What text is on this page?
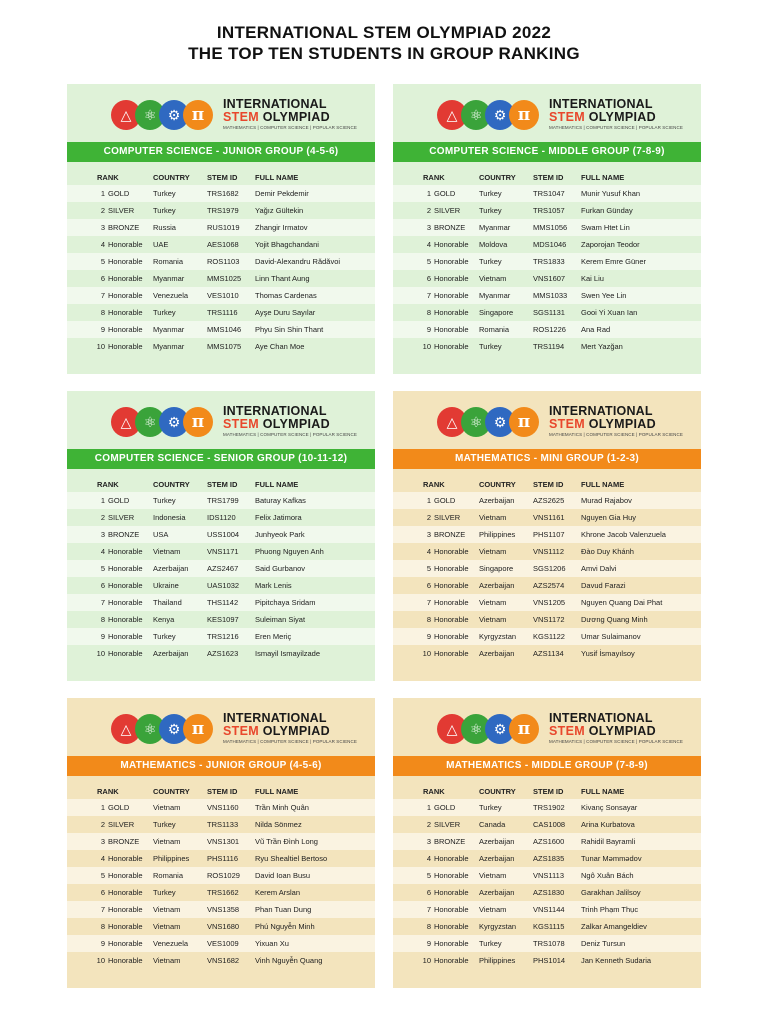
INTERNATIONAL STEM OLYMPIAD 2022
THE TOP TEN STUDENTS IN GROUP RANKING
△ ⚛ ⚙ π
INTERNATIONAL
STEM OLYMPIAD
MATHEMATICS | COMPUTER SCIENCE | POPULAR SCIENCE
COMPUTER SCIENCE - JUNIOR GROUP (4-5-6)
RANK	COUNTRY	STEM ID	FULL NAME
1 GOLD	Turkey	TRS1682	Demir Pekdemir
2 SILVER	Turkey	TRS1979	Yağız Gültekin
3 BRONZE	Russia	RUS1019	Zhangir Irmatov
4 Honorable	UAE	AES1068	Yojit Bhagchandani
5 Honorable	Romania	ROS1103	David-Alexandru Rădăvoi
6 Honorable	Myanmar	MMS1025	Linn Thant Aung
7 Honorable	Venezuela	VES1010	Thomas Cardenas
8 Honorable	Turkey	TRS1116	Ayşe Duru Sayılar
9 Honorable	Myanmar	MMS1046	Phyu Sin Shin Thant
10 Honorable	Myanmar	MMS1075	Aye Chan Moe
△ ⚛ ⚙ π
INTERNATIONAL
STEM OLYMPIAD
MATHEMATICS | COMPUTER SCIENCE | POPULAR SCIENCE
COMPUTER SCIENCE - MIDDLE GROUP (7-8-9)
RANK	COUNTRY	STEM ID	FULL NAME
1 GOLD	Turkey	TRS1047	Munir Yusuf Khan
2 SILVER	Turkey	TRS1057	Furkan Günday
3 BRONZE	Myanmar	MMS1056	Swam Htet Lin
4 Honorable	Moldova	MDS1046	Zaporojan Teodor
5 Honorable	Turkey	TRS1833	Kerem Emre Güner
6 Honorable	Vietnam	VNS1607	Kai Liu
7 Honorable	Myanmar	MMS1033	Swen Yee Lin
8 Honorable	Singapore	SGS1131	Gooi Yi Xuan Ian
9 Honorable	Romania	ROS1226	Ana Rad
10 Honorable	Turkey	TRS1194	Mert Yazğan
△ ⚛ ⚙ π
INTERNATIONAL
STEM OLYMPIAD
MATHEMATICS | COMPUTER SCIENCE | POPULAR SCIENCE
COMPUTER SCIENCE - SENIOR GROUP (10-11-12)
RANK	COUNTRY	STEM ID	FULL NAME
1 GOLD	Turkey	TRS1799	Baturay Kafkas
2 SILVER	Indonesia	IDS1120	Felix Jatimora
3 BRONZE	USA	USS1004	Junhyeok Park
4 Honorable	Vietnam	VNS1171	Phuong Nguyen Anh
5 Honorable	Azerbaijan	AZS2467	Said Gurbanov
6 Honorable	Ukraine	UAS1032	Mark Lenis
7 Honorable	Thailand	THS1142	Pipitchaya Sridam
8 Honorable	Kenya	KES1097	Suleiman Siyat
9 Honorable	Turkey	TRS1216	Eren Meriç
10 Honorable	Azerbaijan	AZS1623	Ismayil Ismayilzade
△ ⚛ ⚙ π
INTERNATIONAL
STEM OLYMPIAD
MATHEMATICS | COMPUTER SCIENCE | POPULAR SCIENCE
MATHEMATICS - MINI GROUP (1-2-3)
RANK	COUNTRY	STEM ID	FULL NAME
1 GOLD	Azerbaijan	AZS2625	Murad Rajabov
2 SILVER	Vietnam	VNS1161	Nguyen Gia Huy
3 BRONZE	Philippines	PHS1107	Khrone Jacob Valenzuela
4 Honorable	Vietnam	VNS1112	Đào Duy Khánh
5 Honorable	Singapore	SGS1206	Amvi Dalvi
6 Honorable	Azerbaijan	AZS2574	Davud Farazi
7 Honorable	Vietnam	VNS1205	Nguyen Quang Dai Phat
8 Honorable	Vietnam	VNS1172	Dương Quang Minh
9 Honorable	Kyrgyzstan	KGS1122	Umar Sulaimanov
10 Honorable	Azerbaijan	AZS1134	Yusif İsmayılsoy
△ ⚛ ⚙ π
INTERNATIONAL
STEM OLYMPIAD
MATHEMATICS | COMPUTER SCIENCE | POPULAR SCIENCE
MATHEMATICS - JUNIOR GROUP (4-5-6)
RANK	COUNTRY	STEM ID	FULL NAME
1 GOLD	Vietnam	VNS1160	Trần Minh Quân
2 SILVER	Turkey	TRS1133	Nilda Sönmez
3 BRONZE	Vietnam	VNS1301	Vũ Trần Đình Long
4 Honorable	Philippines	PHS1116	Ryu Shealtiel Bertoso
5 Honorable	Romania	ROS1029	David Ioan Busu
6 Honorable	Turkey	TRS1662	Kerem Arslan
7 Honorable	Vietnam	VNS1358	Phan Tuan Dung
8 Honorable	Vietnam	VNS1680	Phú Nguyễn Minh
9 Honorable	Venezuela	VES1009	Yixuan Xu
10 Honorable	Vietnam	VNS1682	Vinh Nguyễn Quang
△ ⚛ ⚙ π
INTERNATIONAL
STEM OLYMPIAD
MATHEMATICS | COMPUTER SCIENCE | POPULAR SCIENCE
MATHEMATICS - MIDDLE GROUP (7-8-9)
RANK	COUNTRY	STEM ID	FULL NAME
1 GOLD	Turkey	TRS1902	Kivanç Sonsayar
2 SILVER	Canada	CAS1008	Arina Kurbatova
3 BRONZE	Azerbaijan	AZS1600	Rahidil Bayramli
4 Honorable	Azerbaijan	AZS1835	Tunar Məmmədov
5 Honorable	Vietnam	VNS1113	Ngô Xuân Bách
6 Honorable	Azerbaijan	AZS1830	Garakhan Jalilsoy
7 Honorable	Vietnam	VNS1144	Trinh Phạm Thục
8 Honorable	Kyrgyzstan	KGS1115	Zalkar Amangeldiev
9 Honorable	Turkey	TRS1078	Deniz Tursun
10 Honorable	Philippines	PHS1014	Jan Kenneth Sudaria
